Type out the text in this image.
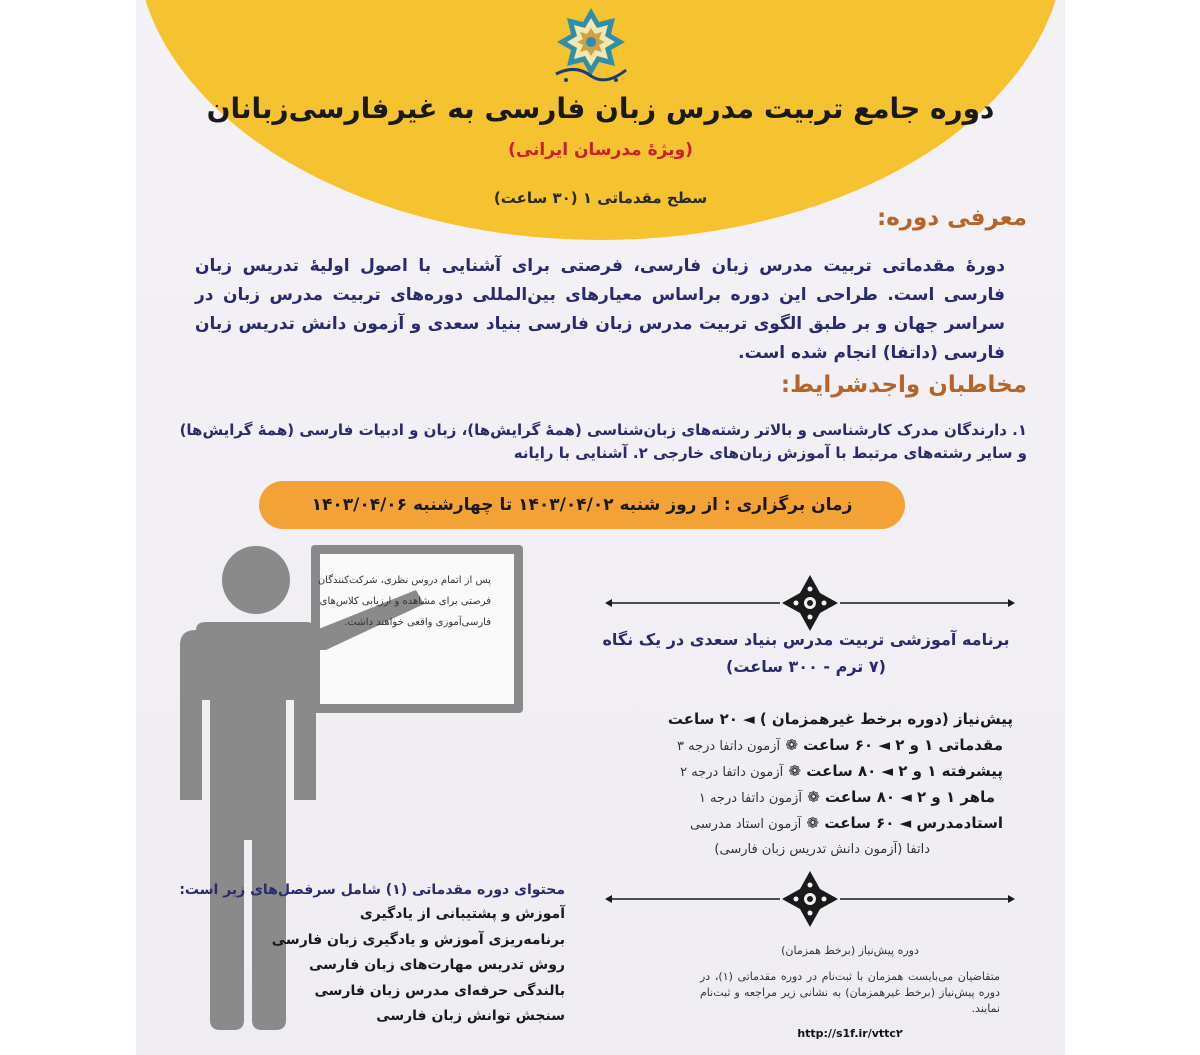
دوره جامع تربیت مدرس زبان فارسی به غیرفارسی‌زبانان
(ویژۀ مدرسان ایرانی)
سطح مقدماتی ۱ (۳۰ ساعت)
معرفی دوره:
دورۀ مقدماتی تربیت مدرس زبان فارسی، فرصتی برای آشنایی با اصول اولیۀ تدریس زبان فارسی است. طراحی این دوره براساس معیارهای بین‌المللی دوره‌های تربیت مدرس زبان در سراسر جهان و بر طبق الگوی تربیت مدرس زبان فارسی بنیاد سعدی و آزمون دانش تدریس زبان فارسی (داتفا) انجام شده است.
مخاطبان واجدشرایط:
۱. دارندگان مدرک کارشناسی و بالاتر رشته‌های زبان‌شناسی (همۀ گرایش‌ها)، زبان و ادبیات فارسی (همۀ گرایش‌ها)
و سایر رشته‌های مرتبط با آموزش زبان‌های خارجی ۲. آشنایی با رایانه
زمان برگزاری : از روز شنبه ۱۴۰۳/۰۴/۰۲ تا چهارشنبه ۱۴۰۳/۰۴/۰۶
پس از اتمام دروس نظری، شرکت‌کنندگان فرصتی برای مشاهده و ارزیابی کلاس‌های فارسی‌آموزی واقعی خواهند داشت.
برنامه آموزشی تربیت مدرس بنیاد سعدی در یک نگاه
(۷ ترم - ۳۰۰ ساعت)
پیش‌نیاز (دوره برخط غیرهمزمان ) ◄ ۲۰ ساعت
مقدماتی ۱ و ۲ ◄ ۶۰ ساعت ❁ آزمون داتفا درجه ۳
پیشرفته ۱ و ۲ ◄ ۸۰ ساعت ❁ آزمون داتفا درجه ۲
ماهر ۱ و ۲ ◄ ۸۰ ساعت ❁ آزمون داتفا درجه ۱
استادمدرس ◄ ۶۰ ساعت ❁ آزمون استاد مدرسی
داتفا (آزمون دانش تدریس زبان فارسی)
محتوای دوره مقدماتی (۱) شامل سرفصل‌های زیر است:
آموزش و پشتیبانی از یادگیری
برنامه‌ریزی آموزش و یادگیری زبان فارسی
روش تدریس مهارت‌های زبان فارسی
بالندگی حرفه‌ای مدرس زبان فارسی
سنجش توانش زبان فارسی
دوره پیش‌نیاز (برخط همزمان)
متقاضیان می‌بایست همزمان با ثبت‌نام در دوره مقدماتی (۱)، در دوره پیش‌نیاز (برخط غیرهمزمان) به نشانی زیر مراجعه و ثبت‌نام نمایند.
http://s1f.ir/vttc۲
